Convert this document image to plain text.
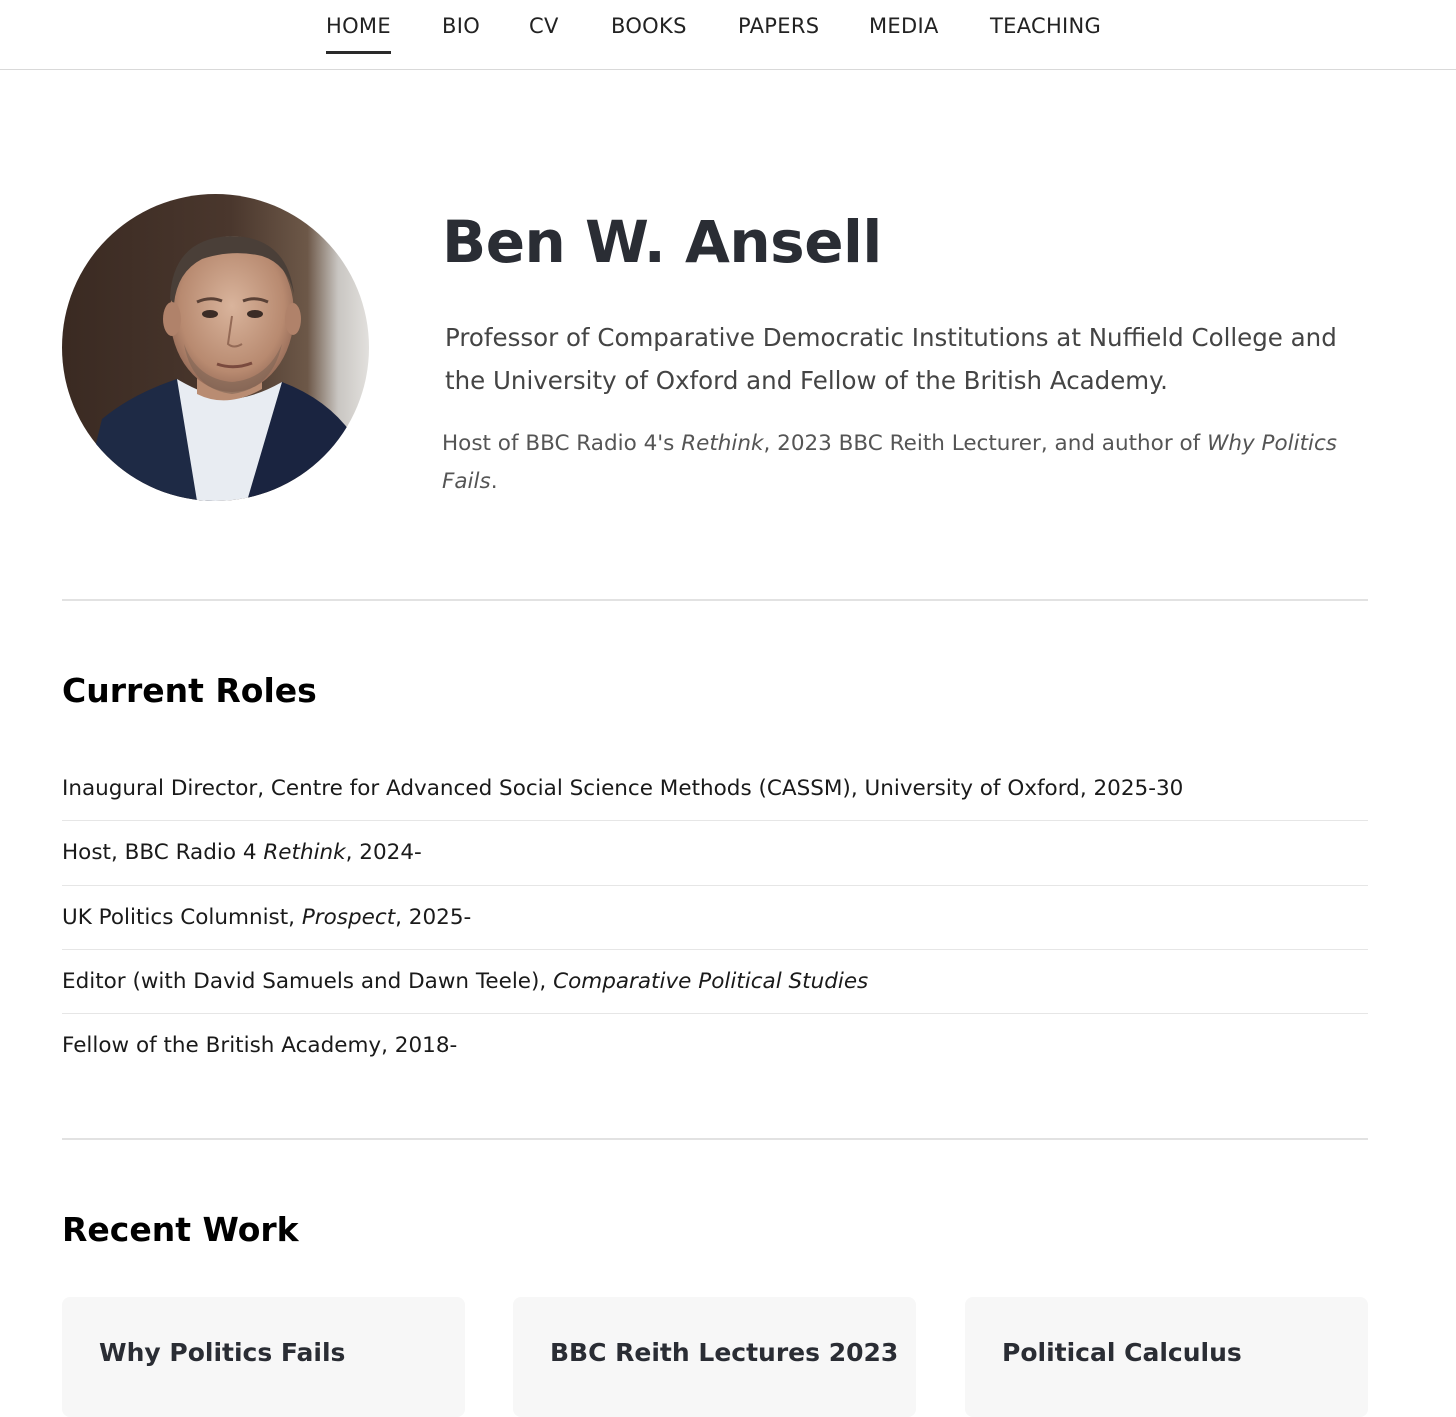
HOME BIO CV BOOKS PAPERS MEDIA TEACHING
Ben W. Ansell

Professor of Comparative Democratic Institutions at Nuffield College and the University of Oxford and Fellow of the British Academy.

Host of BBC Radio 4's Rethink, 2023 BBC Reith Lecturer, and author of Why Politics Fails.

Current Roles
Inaugural Director, Centre for Advanced Social Science Methods (CASSM), University of Oxford, 2025-30
Host, BBC Radio 4 Rethink, 2024-
UK Politics Columnist, Prospect, 2025-
Editor (with David Samuels and Dawn Teele), Comparative Political Studies
Fellow of the British Academy, 2018-
Recent Work
Why Politics Fails	BBC Reith Lectures 2023	Political Calculus
